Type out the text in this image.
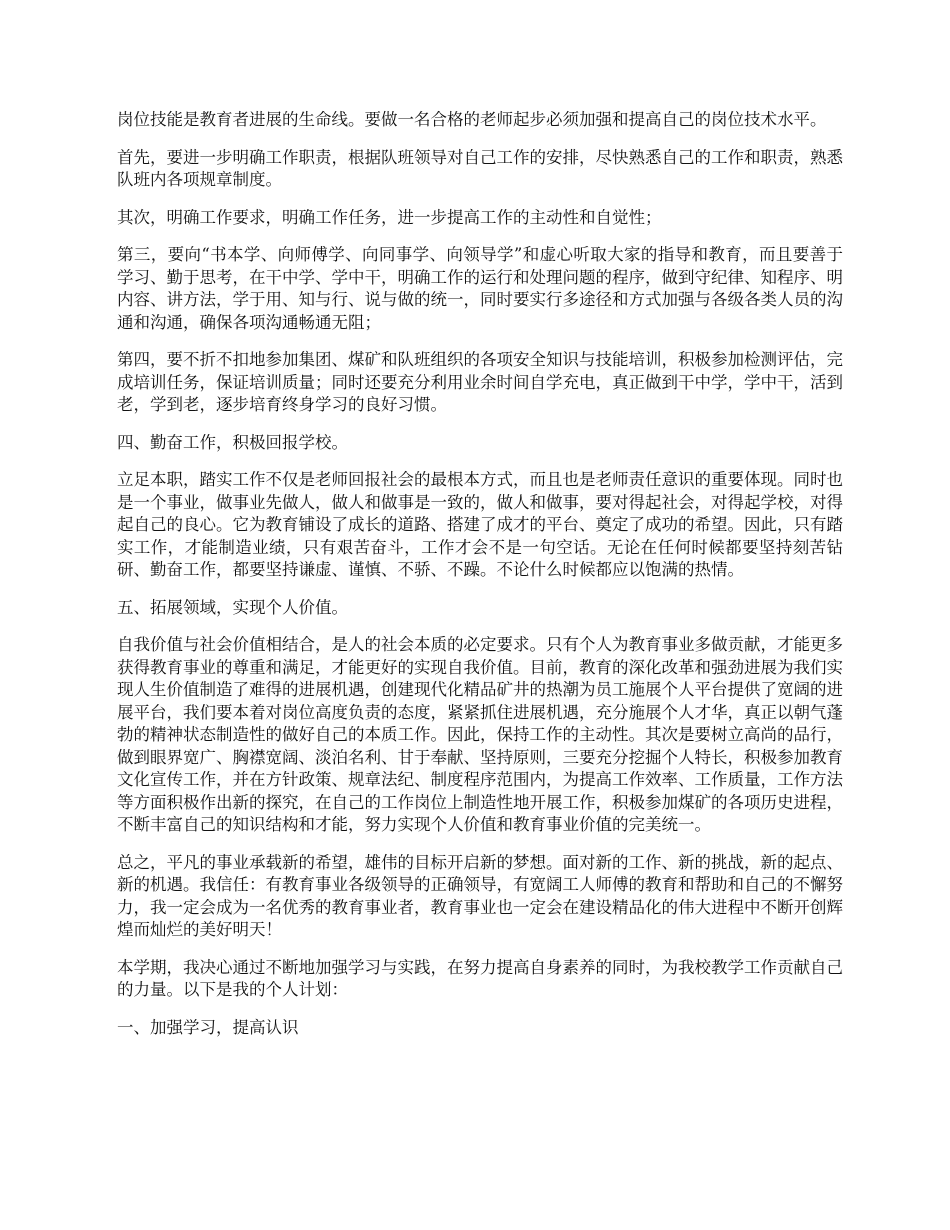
岗位技能是教育者进展的生命线。要做一名合格的老师起步必须加强和提高自己的岗位技术水平。

首先，要进一步明确工作职责，根据队班领导对自己工作的安排，尽快熟悉自己的工作和职责，熟悉队班内各项规章制度。

其次，明确工作要求，明确工作任务，进一步提高工作的主动性和自觉性；

第三，要向“书本学、向师傅学、向同事学、向领导学”和虚心听取大家的指导和教育，而且要善于学习、勤于思考，在干中学、学中干，明确工作的运行和处理问题的程序，做到守纪律、知程序、明内容、讲方法，学于用、知与行、说与做的统一，同时要实行多途径和方式加强与各级各类人员的沟通和沟通，确保各项沟通畅通无阻；

第四，要不折不扣地参加集团、煤矿和队班组织的各项安全知识与技能培训，积极参加检测评估，完成培训任务，保证培训质量；同时还要充分利用业余时间自学充电，真正做到干中学，学中干，活到老，学到老，逐步培育终身学习的良好习惯。

四、勤奋工作，积极回报学校。

立足本职，踏实工作不仅是老师回报社会的最根本方式，而且也是老师责任意识的重要体现。同时也是一个事业，做事业先做人，做人和做事是一致的，做人和做事，要对得起社会，对得起学校，对得起自己的良心。它为教育铺设了成长的道路、搭建了成才的平台、奠定了成功的希望。因此，只有踏实工作，才能制造业绩，只有艰苦奋斗，工作才会不是一句空话。无论在任何时候都要坚持刻苦钻研、勤奋工作，都要坚持谦虚、谨慎、不骄、不躁。不论什么时候都应以饱满的热情。

五、拓展领域，实现个人价值。

自我价值与社会价值相结合，是人的社会本质的必定要求。只有个人为教育事业多做贡献，才能更多获得教育事业的尊重和满足，才能更好的实现自我价值。目前，教育的深化改革和强劲进展为我们实现人生价值制造了难得的进展机遇，创建现代化精品矿井的热潮为员工施展个人平台提供了宽阔的进展平台，我们要本着对岗位高度负责的态度，紧紧抓住进展机遇，充分施展个人才华，真正以朝气蓬勃的精神状态制造性的做好自己的本质工作。因此，保持工作的主动性。其次是要树立高尚的品行，做到眼界宽广、胸襟宽阔、淡泊名利、甘于奉献、坚持原则，三要充分挖掘个人特长，积极参加教育文化宣传工作，并在方针政策、规章法纪、制度程序范围内，为提高工作效率、工作质量，工作方法等方面积极作出新的探究，在自己的工作岗位上制造性地开展工作，积极参加煤矿的各项历史进程，不断丰富自己的知识结构和才能，努力实现个人价值和教育事业价值的完美统一。

总之，平凡的事业承载新的希望，雄伟的目标开启新的梦想。面对新的工作、新的挑战，新的起点、新的机遇。我信任：有教育事业各级领导的正确领导，有宽阔工人师傅的教育和帮助和自己的不懈努力，我一定会成为一名优秀的教育事业者，教育事业也一定会在建设精品化的伟大进程中不断开创辉煌而灿烂的美好明天！

本学期，我决心通过不断地加强学习与实践，在努力提高自身素养的同时，为我校教学工作贡献自己的力量。以下是我的个人计划：

一、加强学习，提高认识
